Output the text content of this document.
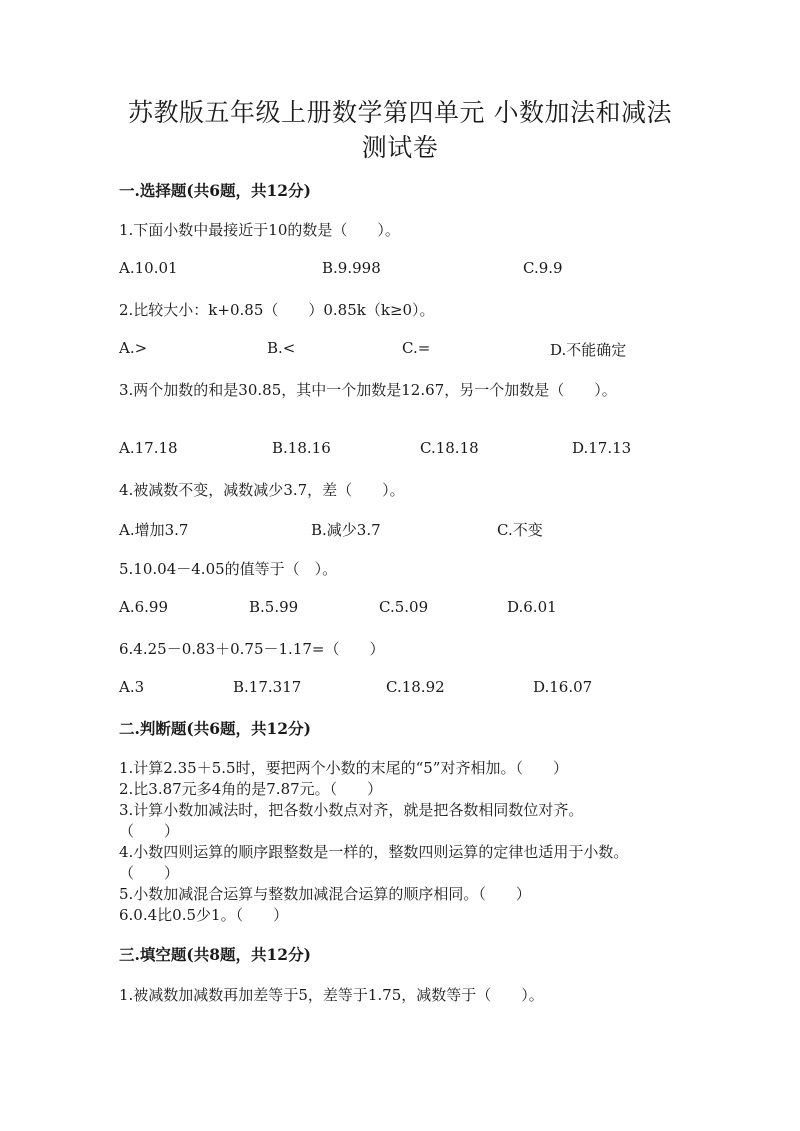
苏教版五年级上册数学第四单元 小数加法和减法
测试卷
一.选择题(共6题，共12分)
1.下面小数中最接近于10的数是（　　）。
A.10.01	B.9.998	C.9.9
2.比较大小：k+0.85（　　）0.85k（k≥0）。
A.>	B.<	C.=	D.不能确定
3.两个加数的和是30.85，其中一个加数是12.67，另一个加数是（　　）。
A.17.18	B.18.16	C.18.18	D.17.13
4.被减数不变，减数减少3.7，差（　　）。
A.增加3.7	B.减少3.7	C.不变
5.10.04－4.05的值等于（　）。
A.6.99	B.5.99	C.5.09	D.6.01
6.4.25－0.83＋0.75－1.17=（　　）
A.3	B.17.317	C.18.92	D.16.07
二.判断题(共6题，共12分)
1.计算2.35＋5.5时，要把两个小数的末尾的“5”对齐相加。（　　）
2.比3.87元多4角的是7.87元。（　　）
3.计算小数加减法时，把各数小数点对齐，就是把各数相同数位对齐。
（　　）
4.小数四则运算的顺序跟整数是一样的，整数四则运算的定律也适用于小数。
（　　）
5.小数加减混合运算与整数加减混合运算的顺序相同。（　　）
6.0.4比0.5少1。（　　）
三.填空题(共8题，共12分)
1.被减数加减数再加差等于5，差等于1.75，减数等于（　　）。
